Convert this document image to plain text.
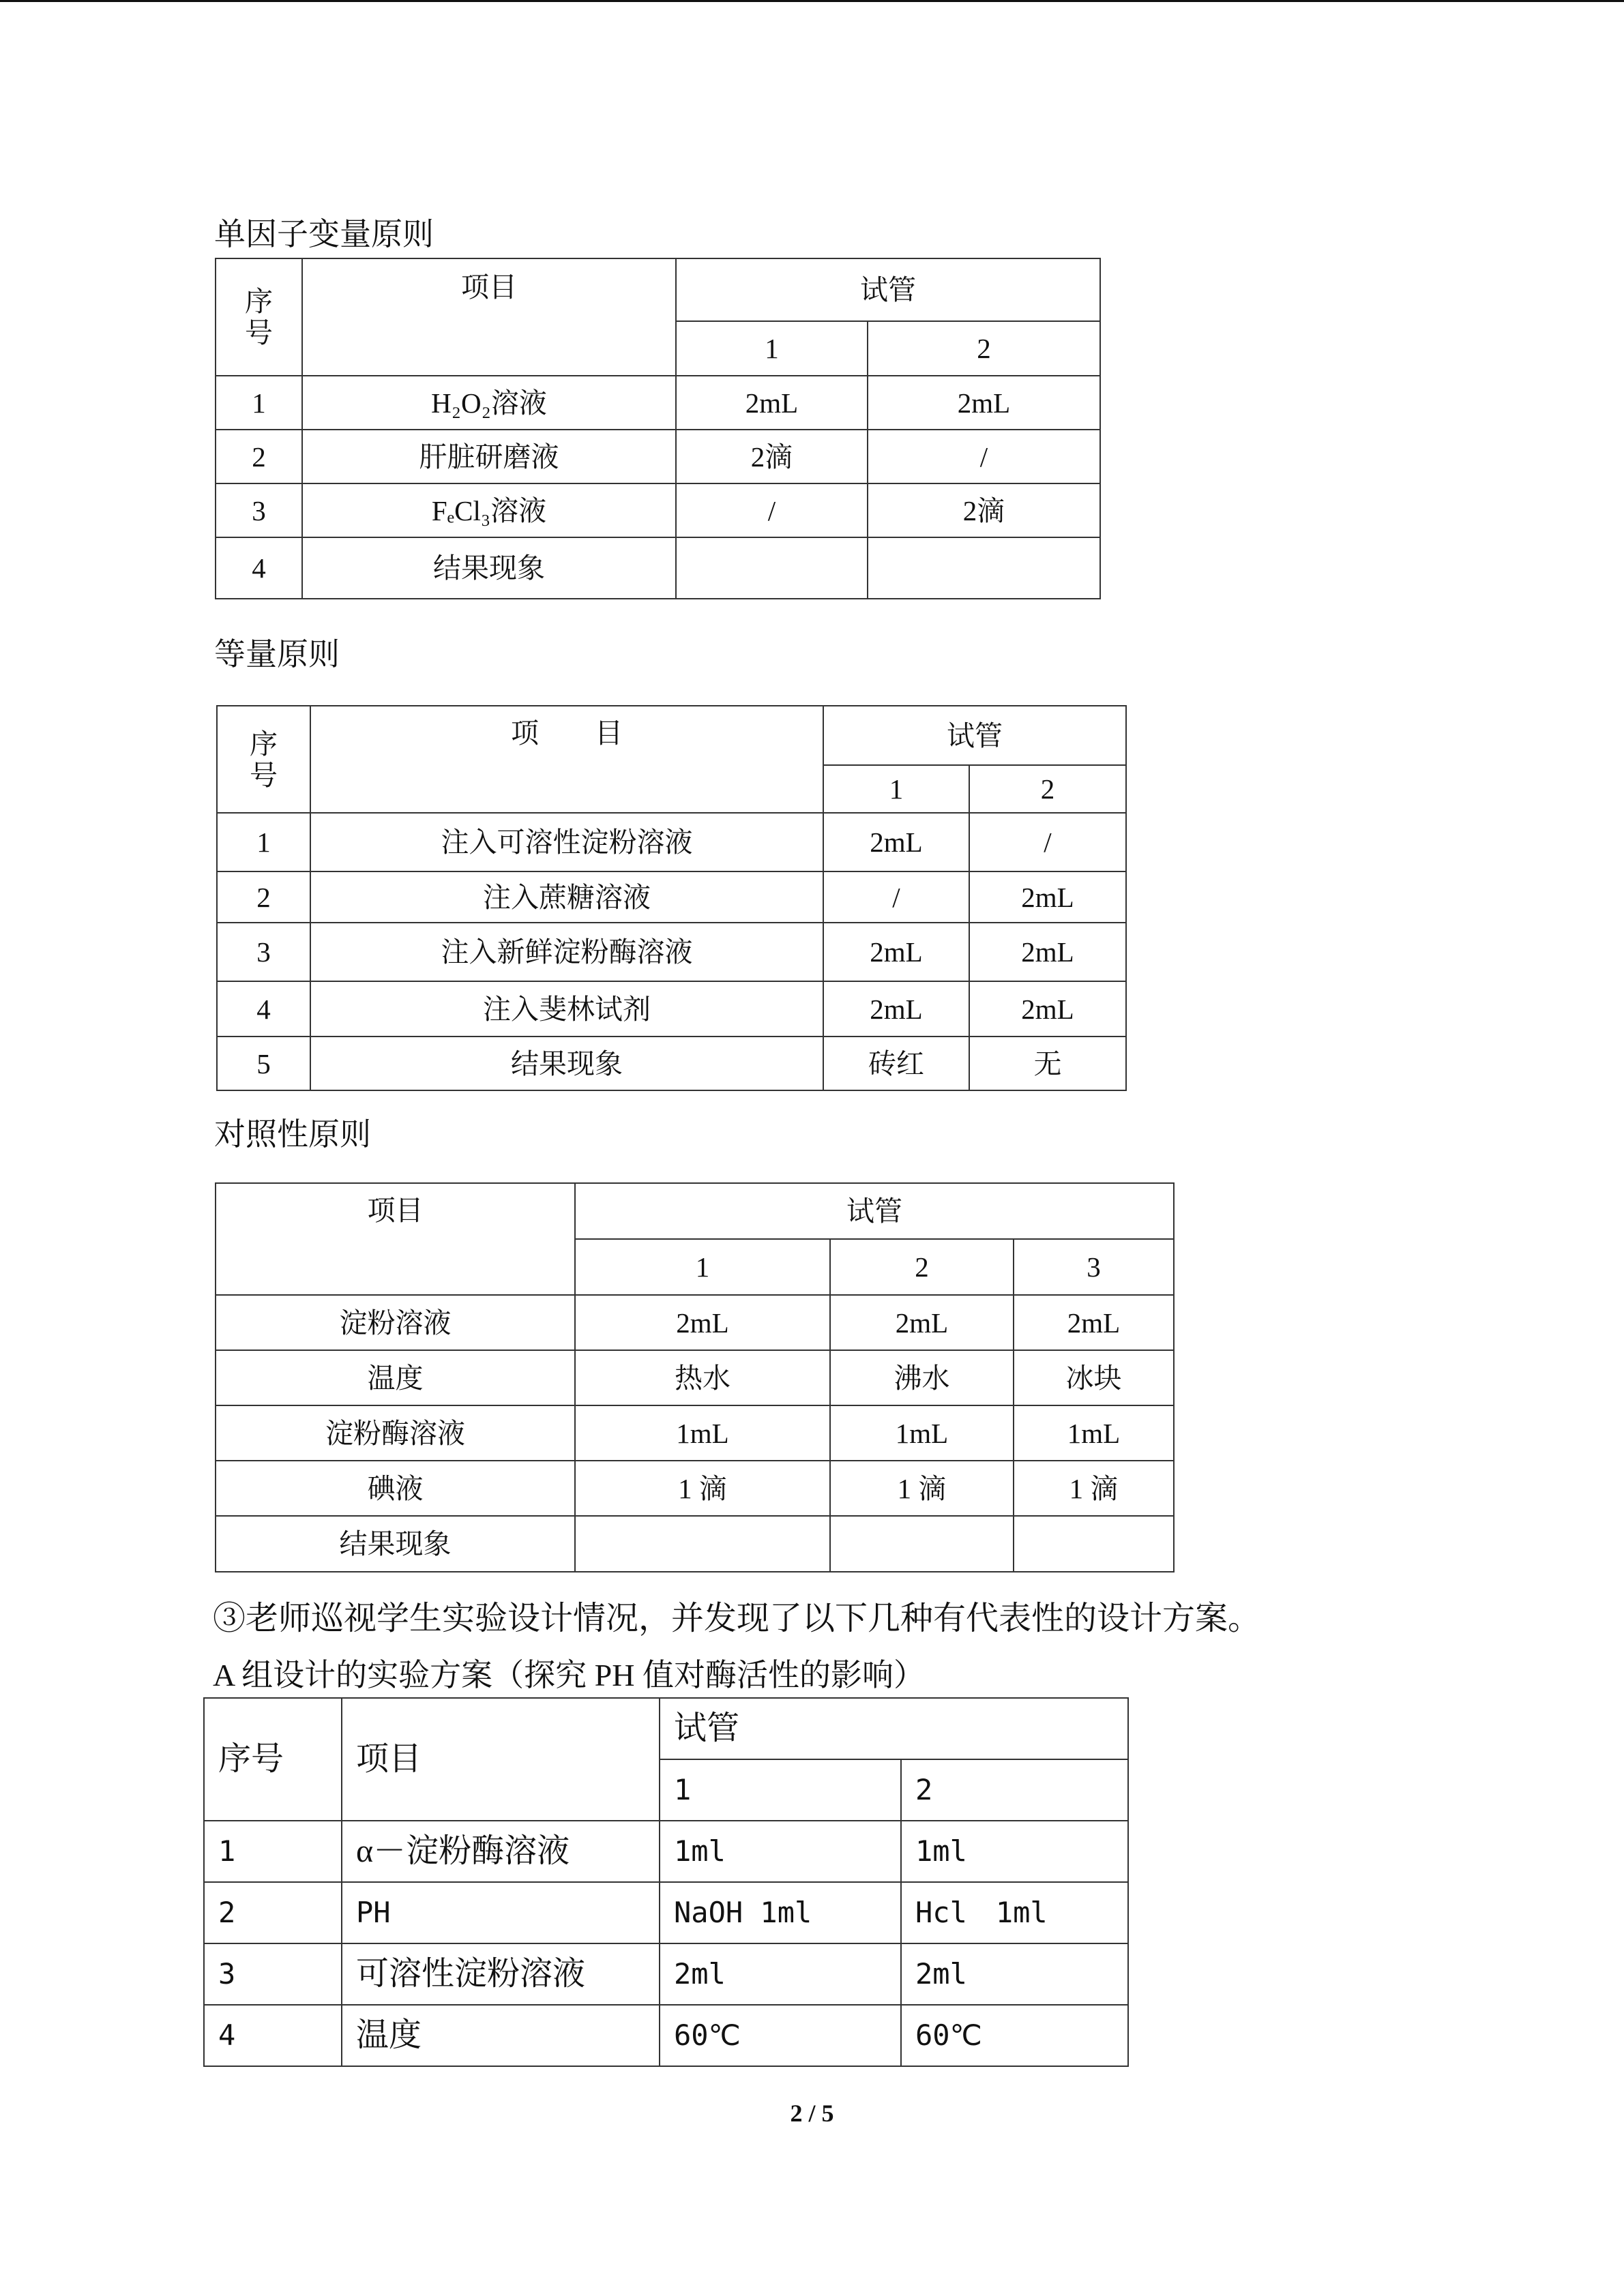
单因子变量原则
序
号	项目	试管	
		1	2
1	H₂O₂溶液	2mL	2mL
2	肝脏研磨液	2滴	/
3	FₑCl₃溶液	/	2滴
4	结果现象		
等量原则
序
号	项　　目	试管	
		1	2
1	注入可溶性淀粉溶液	2mL	/
2	注入蔗糖溶液	/	2mL
3	注入新鲜淀粉酶溶液	2mL	2mL
4	注入斐林试剂	2mL	2mL
5	结果现象	砖红	无
对照性原则
项目	试管		
	1	2	3
淀粉溶液	2mL	2mL	2mL
温度	热水	沸水	冰块
淀粉酶溶液	1mL	1mL	1mL
碘液	1 滴	1 滴	1 滴
结果现象			
③老师巡视学生实验设计情况，并发现了以下几种有代表性的设计方案。
A 组设计的实验方案（探究 PH 值对酶活性的影响）
序号	项目	试管	
		1	2
1	α－淀粉酶溶液	1ml	1ml
2	PH	NaOH 1ml	Hcl　1ml
3	可溶性淀粉溶液	2ml	2ml
4	温度	60℃	60℃
2 / 5
